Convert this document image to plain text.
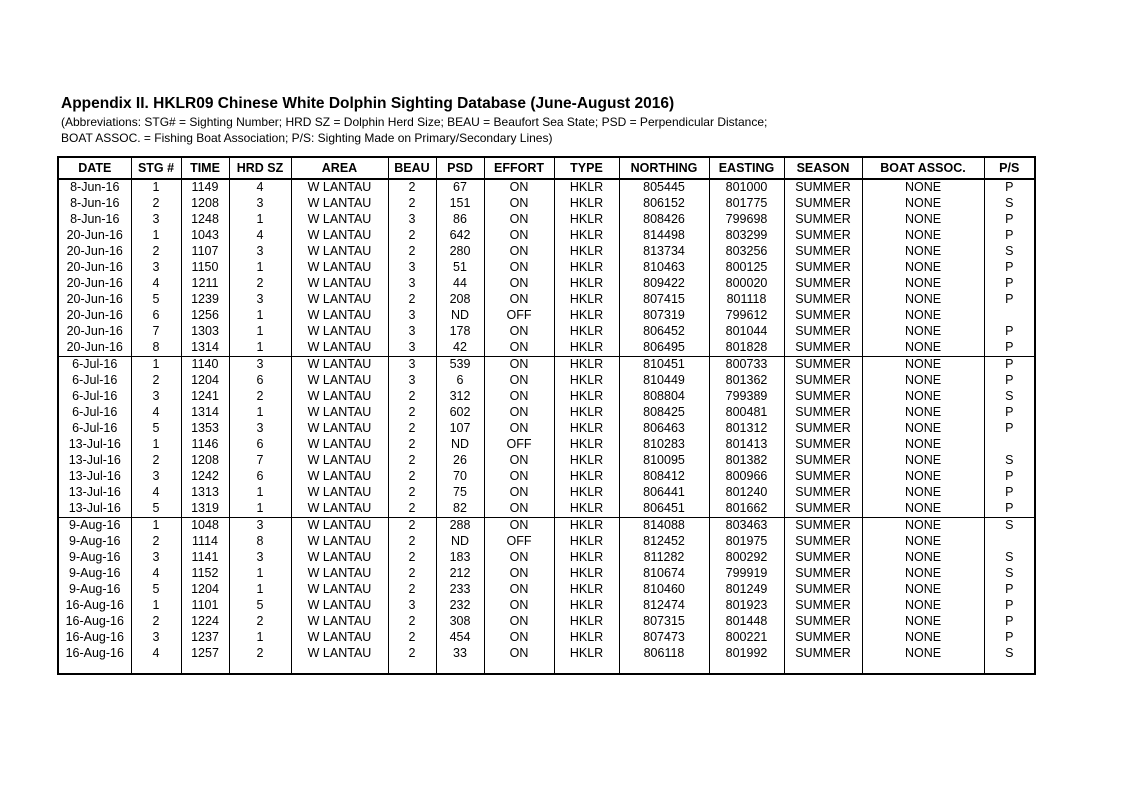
Appendix II. HKLR09 Chinese White Dolphin Sighting Database (June-August 2016)
(Abbreviations: STG# = Sighting Number; HRD SZ = Dolphin Herd Size; BEAU = Beaufort Sea State; PSD = Perpendicular Distance;
BOAT ASSOC. = Fishing Boat Association; P/S: Sighting Made on Primary/Secondary Lines)
DATE	STG #	TIME	HRD SZ	AREA	BEAU	PSD	EFFORT	TYPE	NORTHING	EASTING	SEASON	BOAT ASSOC.	P/S
8-Jun-16	1	1149	4	W LANTAU	2	67	ON	HKLR	805445	801000	SUMMER	NONE	P
8-Jun-16	2	1208	3	W LANTAU	2	151	ON	HKLR	806152	801775	SUMMER	NONE	S
8-Jun-16	3	1248	1	W LANTAU	3	86	ON	HKLR	808426	799698	SUMMER	NONE	P
20-Jun-16	1	1043	4	W LANTAU	2	642	ON	HKLR	814498	803299	SUMMER	NONE	P
20-Jun-16	2	1107	3	W LANTAU	2	280	ON	HKLR	813734	803256	SUMMER	NONE	S
20-Jun-16	3	1150	1	W LANTAU	3	51	ON	HKLR	810463	800125	SUMMER	NONE	P
20-Jun-16	4	1211	2	W LANTAU	3	44	ON	HKLR	809422	800020	SUMMER	NONE	P
20-Jun-16	5	1239	3	W LANTAU	2	208	ON	HKLR	807415	801118	SUMMER	NONE	P
20-Jun-16	6	1256	1	W LANTAU	3	ND	OFF	HKLR	807319	799612	SUMMER	NONE	
20-Jun-16	7	1303	1	W LANTAU	3	178	ON	HKLR	806452	801044	SUMMER	NONE	P
20-Jun-16	8	1314	1	W LANTAU	3	42	ON	HKLR	806495	801828	SUMMER	NONE	P
6-Jul-16	1	1140	3	W LANTAU	3	539	ON	HKLR	810451	800733	SUMMER	NONE	P
6-Jul-16	2	1204	6	W LANTAU	3	6	ON	HKLR	810449	801362	SUMMER	NONE	P
6-Jul-16	3	1241	2	W LANTAU	2	312	ON	HKLR	808804	799389	SUMMER	NONE	S
6-Jul-16	4	1314	1	W LANTAU	2	602	ON	HKLR	808425	800481	SUMMER	NONE	P
6-Jul-16	5	1353	3	W LANTAU	2	107	ON	HKLR	806463	801312	SUMMER	NONE	P
13-Jul-16	1	1146	6	W LANTAU	2	ND	OFF	HKLR	810283	801413	SUMMER	NONE	
13-Jul-16	2	1208	7	W LANTAU	2	26	ON	HKLR	810095	801382	SUMMER	NONE	S
13-Jul-16	3	1242	6	W LANTAU	2	70	ON	HKLR	808412	800966	SUMMER	NONE	P
13-Jul-16	4	1313	1	W LANTAU	2	75	ON	HKLR	806441	801240	SUMMER	NONE	P
13-Jul-16	5	1319	1	W LANTAU	2	82	ON	HKLR	806451	801662	SUMMER	NONE	P
9-Aug-16	1	1048	3	W LANTAU	2	288	ON	HKLR	814088	803463	SUMMER	NONE	S
9-Aug-16	2	1114	8	W LANTAU	2	ND	OFF	HKLR	812452	801975	SUMMER	NONE	
9-Aug-16	3	1141	3	W LANTAU	2	183	ON	HKLR	811282	800292	SUMMER	NONE	S
9-Aug-16	4	1152	1	W LANTAU	2	212	ON	HKLR	810674	799919	SUMMER	NONE	S
9-Aug-16	5	1204	1	W LANTAU	2	233	ON	HKLR	810460	801249	SUMMER	NONE	P
16-Aug-16	1	1101	5	W LANTAU	3	232	ON	HKLR	812474	801923	SUMMER	NONE	P
16-Aug-16	2	1224	2	W LANTAU	2	308	ON	HKLR	807315	801448	SUMMER	NONE	P
16-Aug-16	3	1237	1	W LANTAU	2	454	ON	HKLR	807473	800221	SUMMER	NONE	P
16-Aug-16	4	1257	2	W LANTAU	2	33	ON	HKLR	806118	801992	SUMMER	NONE	S
